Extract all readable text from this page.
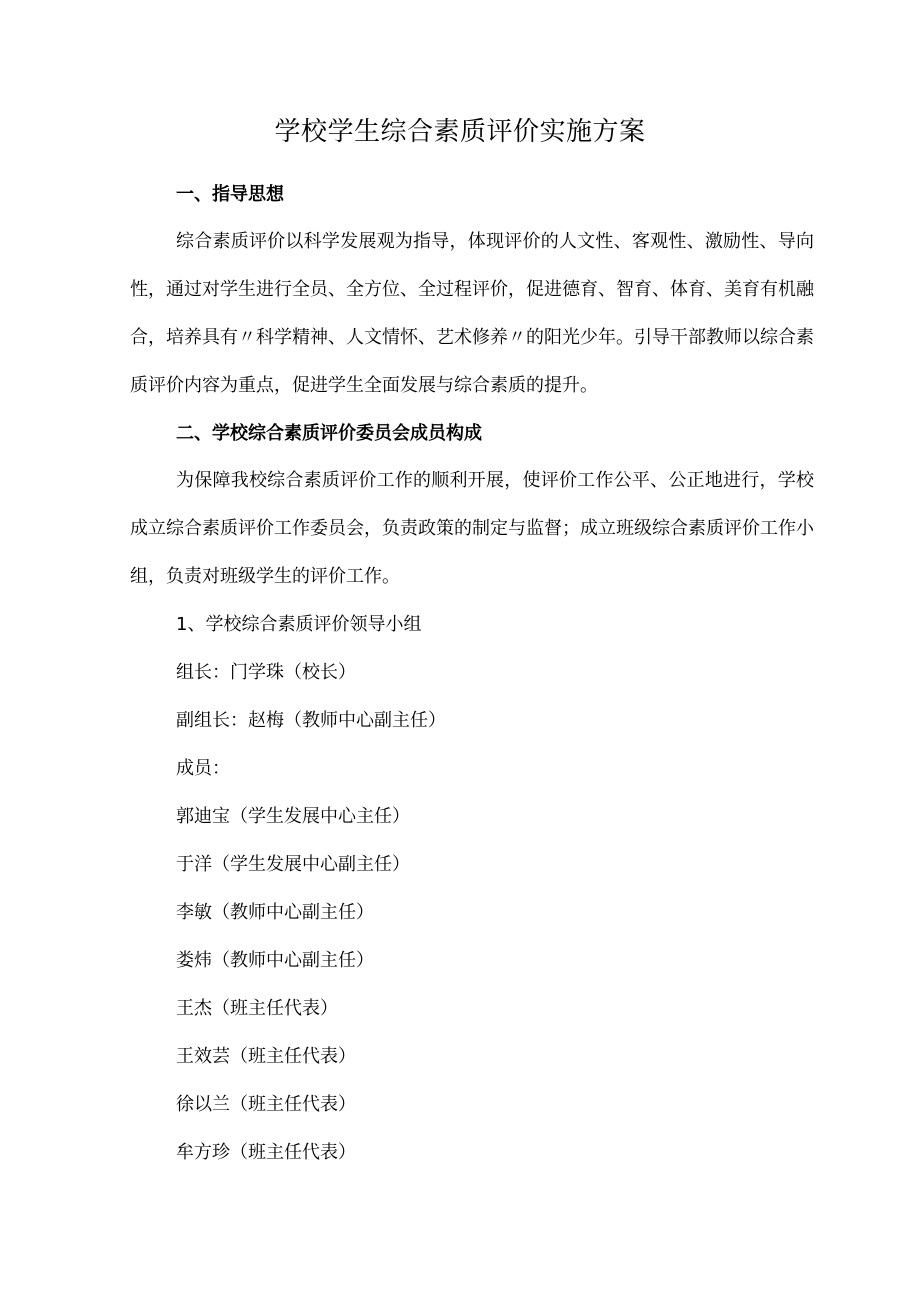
学校学生综合素质评价实施方案
一、指导思想
综合素质评价以科学发展观为指导，体现评价的人文性、客观性、激励性、导向性，通过对学生进行全员、全方位、全过程评价，促进德育、智育、体育、美育有机融合，培养具有〃科学精神、人文情怀、艺术修养〃的阳光少年。引导干部教师以综合素质评价内容为重点，促进学生全面发展与综合素质的提升。
二、学校综合素质评价委员会成员构成
为保障我校综合素质评价工作的顺利开展，使评价工作公平、公正地进行，学校成立综合素质评价工作委员会，负责政策的制定与监督；成立班级综合素质评价工作小组，负责对班级学生的评价工作。
1、学校综合素质评价领导小组
组长：门学珠（校长）
副组长：赵梅（教师中心副主任）
成员：
郭迪宝（学生发展中心主任）
于洋（学生发展中心副主任）
李敏（教师中心副主任）
娄炜（教师中心副主任）
王杰（班主任代表）
王效芸（班主任代表）
徐以兰（班主任代表）
牟方珍（班主任代表）
